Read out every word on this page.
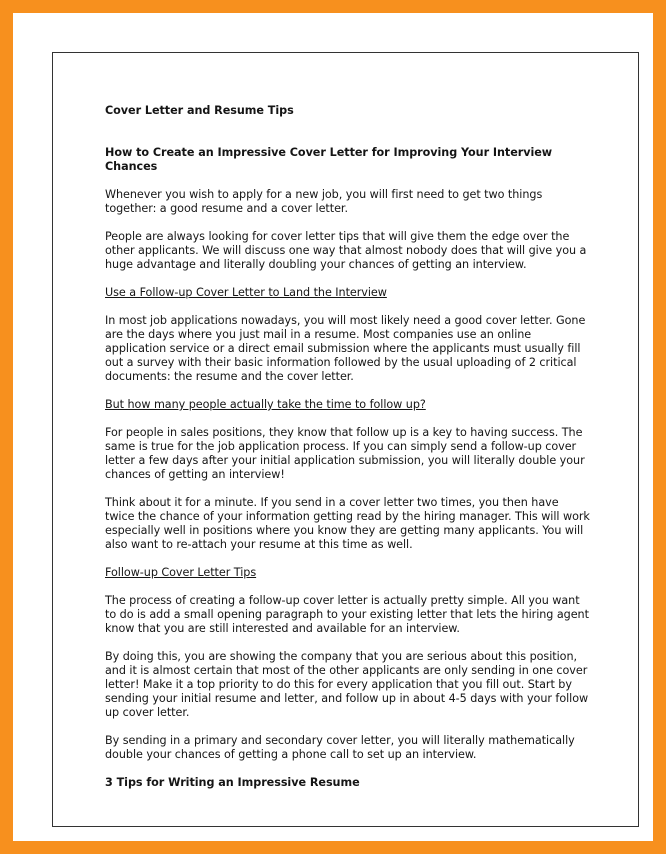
Cover Letter and Resume Tips

How to Create an Impressive Cover Letter for Improving Your Interview Chances

Whenever you wish to apply for a new job, you will first need to get two things together: a good resume and a cover letter.

People are always looking for cover letter tips that will give them the edge over the other applicants. We will discuss one way that almost nobody does that will give you a huge advantage and literally doubling your chances of getting an interview.

Use a Follow-up Cover Letter to Land the Interview

In most job applications nowadays, you will most likely need a good cover letter. Gone are the days where you just mail in a resume. Most companies use an online application service or a direct email submission where the applicants must usually fill out a survey with their basic information followed by the usual uploading of 2 critical documents: the resume and the cover letter.

But how many people actually take the time to follow up?

For people in sales positions, they know that follow up is a key to having success. The same is true for the job application process. If you can simply send a follow-up cover letter a few days after your initial application submission, you will literally double your chances of getting an interview!

Think about it for a minute. If you send in a cover letter two times, you then have twice the chance of your information getting read by the hiring manager. This will work especially well in positions where you know they are getting many applicants. You will also want to re-attach your resume at this time as well.

Follow-up Cover Letter Tips

The process of creating a follow-up cover letter is actually pretty simple. All you want to do is add a small opening paragraph to your existing letter that lets the hiring agent know that you are still interested and available for an interview.

By doing this, you are showing the company that you are serious about this position, and it is almost certain that most of the other applicants are only sending in one cover letter! Make it a top priority to do this for every application that you fill out. Start by sending your initial resume and letter, and follow up in about 4-5 days with your follow up cover letter.

By sending in a primary and secondary cover letter, you will literally mathematically double your chances of getting a phone call to set up an interview.

3 Tips for Writing an Impressive Resume
